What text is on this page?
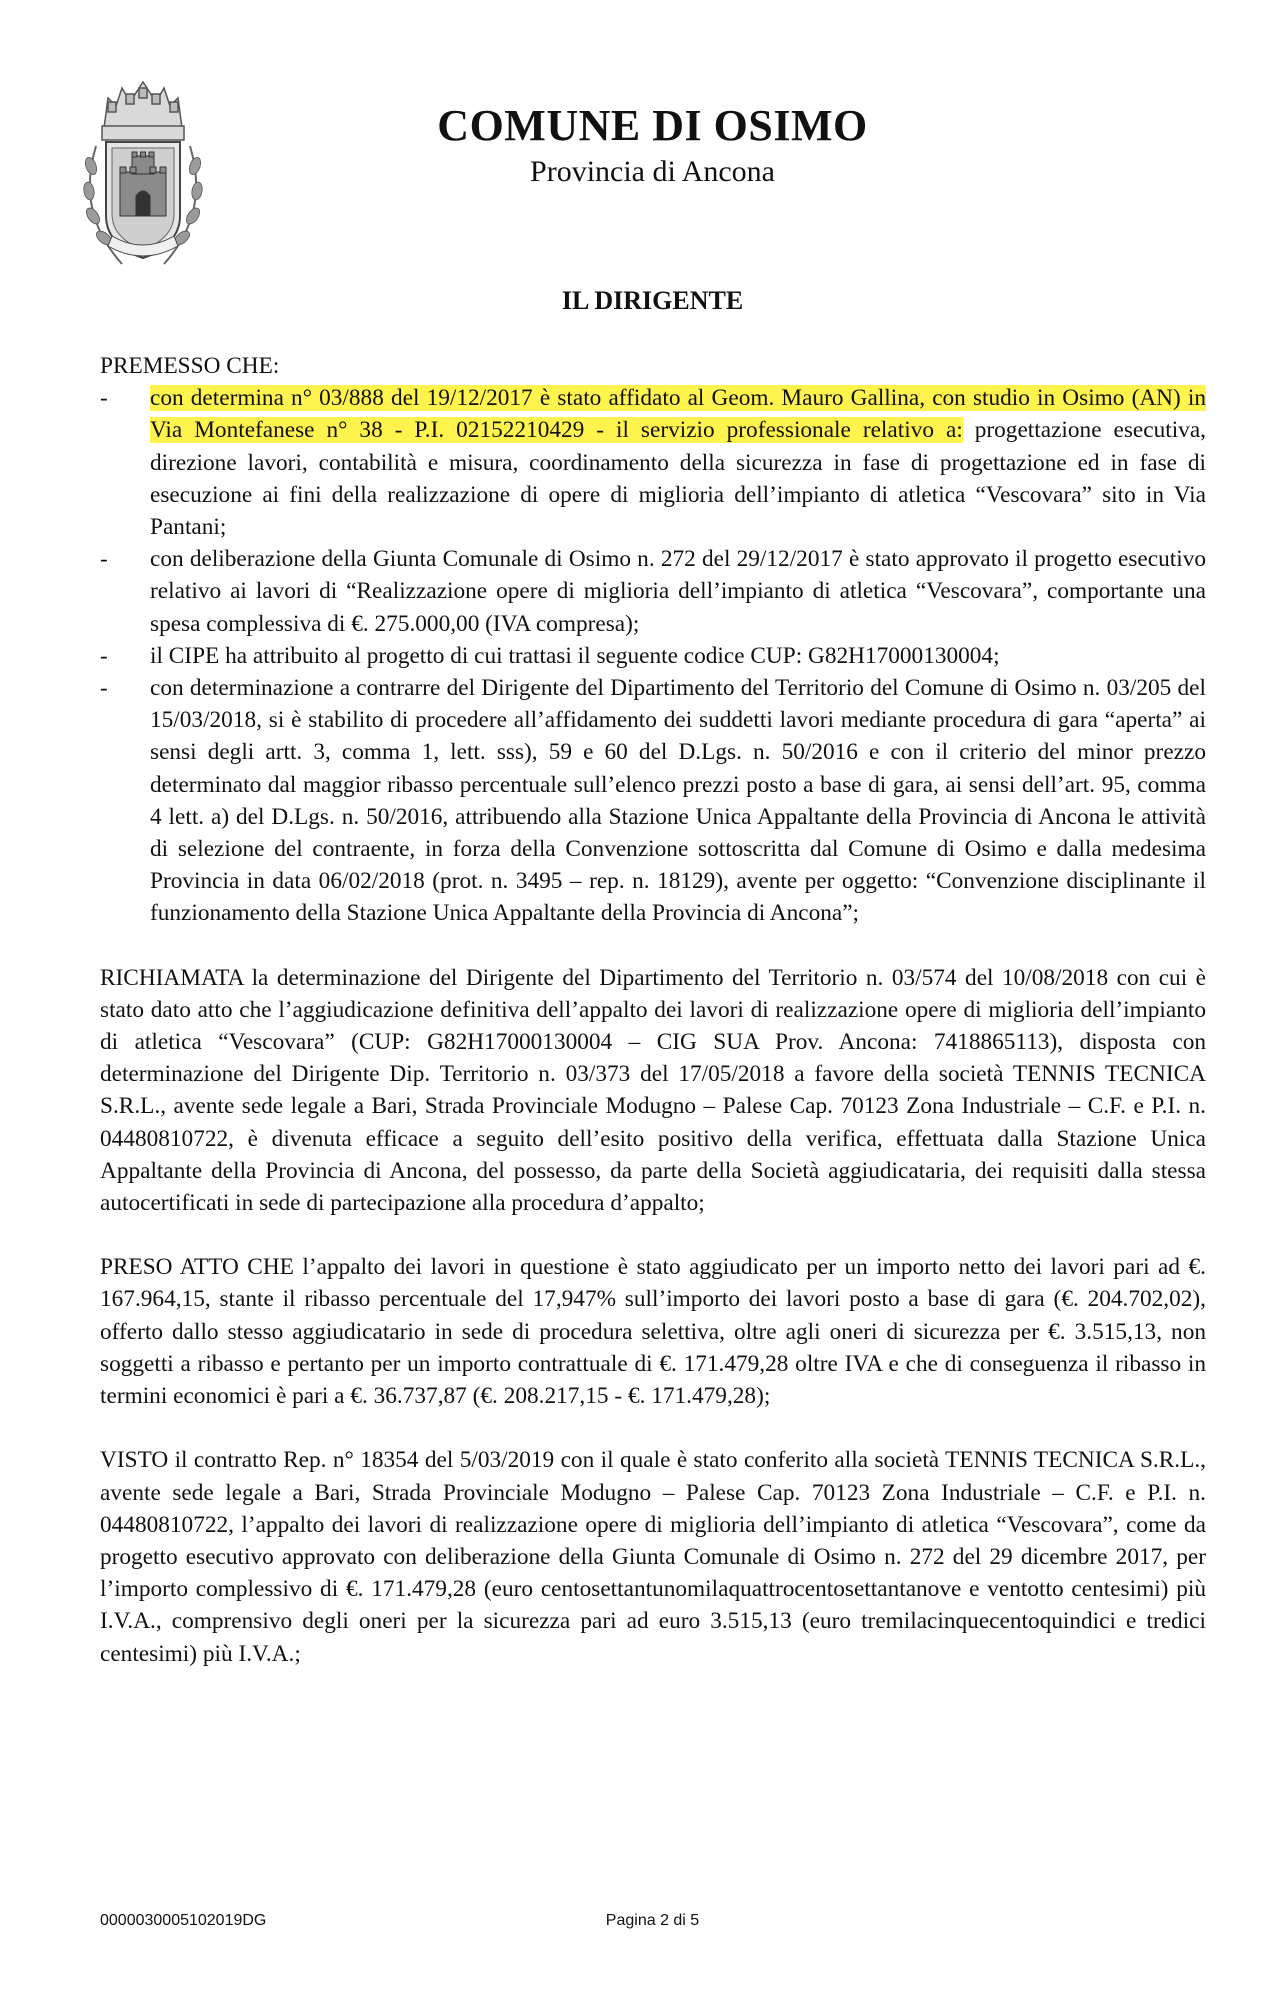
COMUNE DI OSIMO
Provincia di Ancona
IL DIRIGENTE

PREMESSO CHE:

- con determina n° 03/888 del 19/12/2017 è stato affidato al Geom. Mauro Gallina, con studio in Osimo (AN) in Via Montefanese n° 38 - P.I. 02152210429 - il servizio professionale relativo a: progettazione esecutiva, direzione lavori, contabilità e misura, coordinamento della sicurezza in fase di progettazione ed in fase di esecuzione ai fini della realizzazione di opere di miglioria dell’impianto di atletica “Vescovara” sito in Via Pantani;
- con deliberazione della Giunta Comunale di Osimo n. 272 del 29/12/2017 è stato approvato il progetto esecutivo relativo ai lavori di “Realizzazione opere di miglioria dell’impianto di atletica “Vescovara”, comportante una spesa complessiva di €. 275.000,00 (IVA compresa);
- il CIPE ha attribuito al progetto di cui trattasi il seguente codice CUP: G82H17000130004;
- con determinazione a contrarre del Dirigente del Dipartimento del Territorio del Comune di Osimo n. 03/205 del 15/03/2018, si è stabilito di procedere all’affidamento dei suddetti lavori mediante procedura di gara “aperta” ai sensi degli artt. 3, comma 1, lett. sss), 59 e 60 del D.Lgs. n. 50/2016 e con il criterio del minor prezzo determinato dal maggior ribasso percentuale sull’elenco prezzi posto a base di gara, ai sensi dell’art. 95, comma 4 lett. a) del D.Lgs. n. 50/2016, attribuendo alla Stazione Unica Appaltante della Provincia di Ancona le attività di selezione del contraente, in forza della Convenzione sottoscritta dal Comune di Osimo e dalla medesima Provincia in data 06/02/2018 (prot. n. 3495 – rep. n. 18129), avente per oggetto: “Convenzione disciplinante il funzionamento della Stazione Unica Appaltante della Provincia di Ancona”;

RICHIAMATA la determinazione del Dirigente del Dipartimento del Territorio n. 03/574 del 10/08/2018 con cui è stato dato atto che l’aggiudicazione definitiva dell’appalto dei lavori di realizzazione opere di miglioria dell’impianto di atletica “Vescovara” (CUP: G82H17000130004 – CIG SUA Prov. Ancona: 7418865113), disposta con determinazione del Dirigente Dip. Territorio n. 03/373 del 17/05/2018 a favore della società TENNIS TECNICA S.R.L., avente sede legale a Bari, Strada Provinciale Modugno – Palese Cap. 70123 Zona Industriale – C.F. e P.I. n. 04480810722, è divenuta efficace a seguito dell’esito positivo della verifica, effettuata dalla Stazione Unica Appaltante della Provincia di Ancona, del possesso, da parte della Società aggiudicataria, dei requisiti dalla stessa autocertificati in sede di partecipazione alla procedura d’appalto;

PRESO ATTO CHE l’appalto dei lavori in questione è stato aggiudicato per un importo netto dei lavori pari ad €. 167.964,15, stante il ribasso percentuale del 17,947% sull’importo dei lavori posto a base di gara (€. 204.702,02), offerto dallo stesso aggiudicatario in sede di procedura selettiva, oltre agli oneri di sicurezza per €. 3.515,13, non soggetti a ribasso e pertanto per un importo contrattuale di €. 171.479,28 oltre IVA e che di conseguenza il ribasso in termini economici è pari a €. 36.737,87 (€. 208.217,15 - €. 171.479,28);

VISTO il contratto Rep. n° 18354 del 5/03/2019 con il quale è stato conferito alla società TENNIS TECNICA S.R.L., avente sede legale a Bari, Strada Provinciale Modugno – Palese Cap. 70123 Zona Industriale – C.F. e P.I. n. 04480810722, l’appalto dei lavori di realizzazione opere di miglioria dell’impianto di atletica “Vescovara”, come da progetto esecutivo approvato con deliberazione della Giunta Comunale di Osimo n. 272 del 29 dicembre 2017, per l’importo complessivo di €. 171.479,28 (euro centosettantunomilaquattrocentosettantanove e ventotto centesimi) più I.V.A., comprensivo degli oneri per la sicurezza pari ad euro 3.515,13 (euro tremilacinquecentoquindici e tredici centesimi) più I.V.A.;

0000030005102019DG	Pagina 2 di 5
